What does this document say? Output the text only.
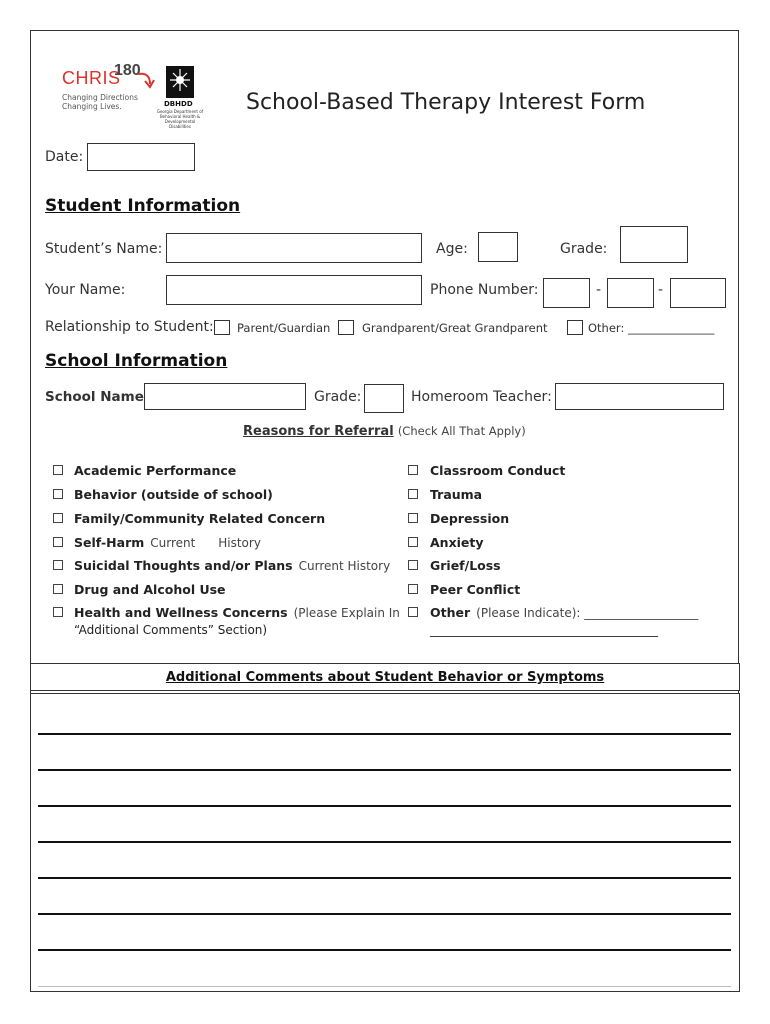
CHRIS
180
Changing Directions
Changing Lives.	DBHDD
Georgia Department of Behavioral Health & Developmental Disabilities
School-Based Therapy Interest Form
Date:
Student Information
Student’s Name:	Age:	Grade:
Your Name:	Phone Number:	-	-
Relationship to Student: Parent/Guardian	Grandparent/Great Grandparent	Other: _______________
School Information
School Name	Grade:	Homeroom Teacher:
Reasons for Referral (Check All That Apply)
Academic Performance
Behavior (outside of school)
Family/Community Related Concern
Self-Harm Current      History
Suicidal Thoughts and/or Plans Current History
Drug and Alcohol Use
Health and Wellness Concerns (Please Explain In
Classroom Conduct
Trauma
Depression
Anxiety
Grief/Loss
Peer Conflict
Other (Please Indicate): ___________________
“Additional Comments” Section)	______________________________________
Additional Comments about Student Behavior or Symptoms
